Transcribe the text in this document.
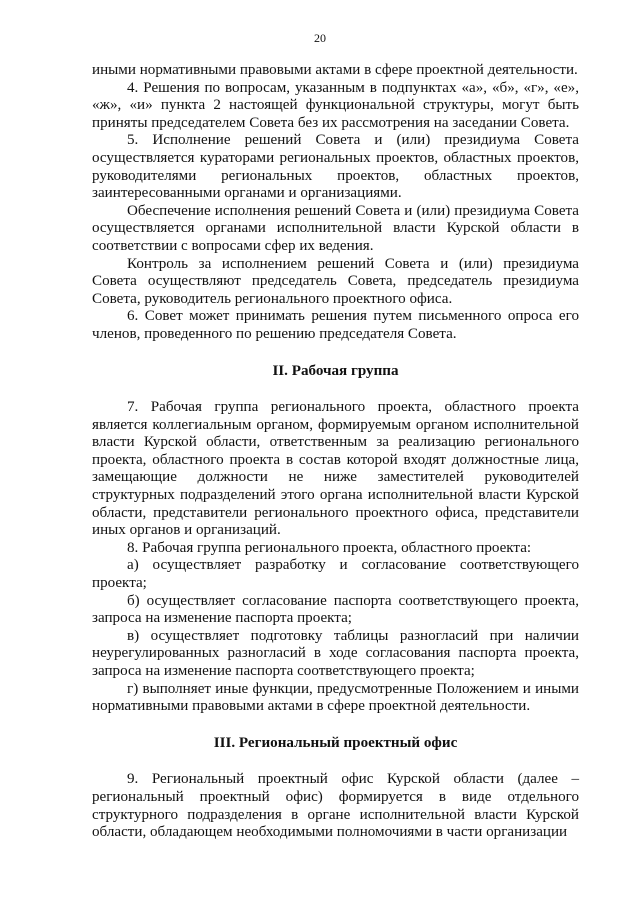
20

иными нормативными правовыми актами в сфере проектной деятельности.

4. Решения по вопросам, указанным в подпунктах «а», «б», «г», «е», «ж», «и» пункта 2 настоящей функциональной структуры, могут быть приняты председателем Совета без их рассмотрения на заседании Совета.

5. Исполнение решений Совета и (или) президиума Совета осуществляется кураторами региональных проектов, областных проектов, руководителями региональных проектов, областных проектов, заинтересованными органами и организациями.

Обеспечение исполнения решений Совета и (или) президиума Совета осуществляется органами исполнительной власти Курской области в соответствии с вопросами сфер их ведения.

Контроль за исполнением решений Совета и (или) президиума Совета осуществляют председатель Совета, председатель президиума Совета, руководитель регионального проектного офиса.

6. Совет может принимать решения путем письменного опроса его членов, проведенного по решению председателя Совета.

II. Рабочая группа

7. Рабочая группа регионального проекта, областного проекта является коллегиальным органом, формируемым органом исполнительной власти Курской области, ответственным за реализацию регионального проекта, областного проекта в состав которой входят должностные лица, замещающие должности не ниже заместителей руководителей структурных подразделений этого органа исполнительной власти Курской области, представители регионального проектного офиса, представители иных органов и организаций.

8. Рабочая группа регионального проекта, областного проекта:

а) осуществляет разработку и согласование соответствующего проекта;

б) осуществляет согласование паспорта соответствующего проекта, запроса на изменение паспорта проекта;

в) осуществляет подготовку таблицы разногласий при наличии неурегулированных разногласий в ходе согласования паспорта проекта, запроса на изменение паспорта соответствующего проекта;

г) выполняет иные функции, предусмотренные Положением и иными нормативными правовыми актами в сфере проектной деятельности.

III. Региональный проектный офис

9. Региональный проектный офис Курской области (далее – региональный проектный офис) формируется в виде отдельного структурного подразделения в органе исполнительной власти Курской области, обладающем необходимыми полномочиями в части организации
